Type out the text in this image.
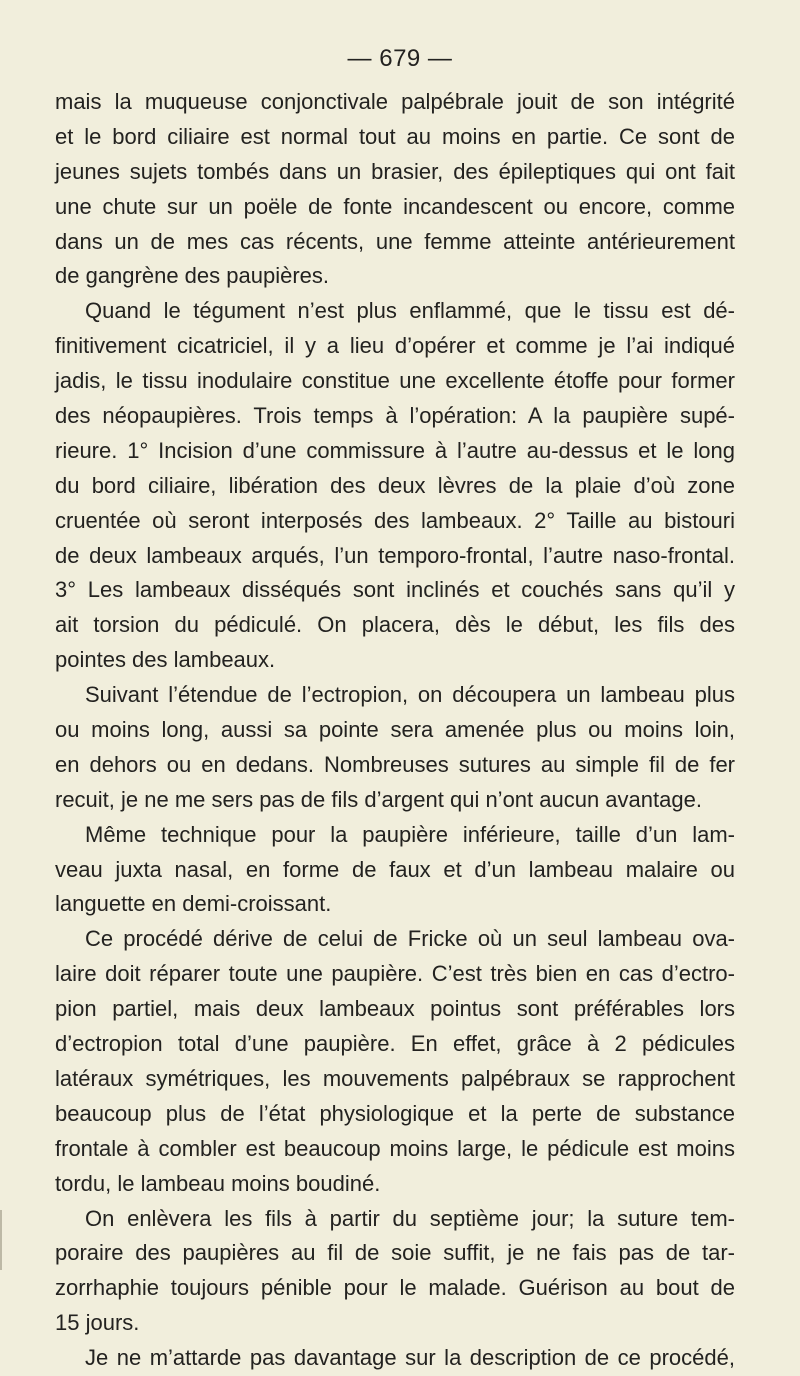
— 679 —
mais la muqueuse conjonctivale palpébrale jouit de son intégrité
et le bord ciliaire est normal tout au moins en partie. Ce sont de
jeunes sujets tombés dans un brasier, des épileptiques qui ont fait
une chute sur un poële de fonte incandescent ou encore, comme
dans un de mes cas récents, une femme atteinte antérieurement
de gangrène des paupières.
Quand le tégument n’est plus enflammé, que le tissu est dé-
finitivement cicatriciel, il y a lieu d’opérer et comme je l’ai indiqué
jadis, le tissu inodulaire constitue une excellente étoffe pour former
des néopaupières. Trois temps à l’opération: A la paupière supé-
rieure. 1° Incision d’une commissure à l’autre au-dessus et le long
du bord ciliaire, libération des deux lèvres de la plaie d’où zone
cruentée où seront interposés des lambeaux. 2° Taille au bistouri
de deux lambeaux arqués, l’un temporo-frontal, l’autre naso-frontal.
3° Les lambeaux disséqués sont inclinés et couchés sans qu’il y
ait torsion du pédiculé. On placera, dès le début, les fils des
pointes des lambeaux.
Suivant l’étendue de l’ectropion, on découpera un lambeau plus
ou moins long, aussi sa pointe sera amenée plus ou moins loin,
en dehors ou en dedans. Nombreuses sutures au simple fil de fer
recuit, je ne me sers pas de fils d’argent qui n’ont aucun avantage.
Même technique pour la paupière inférieure, taille d’un lam-
veau juxta nasal, en forme de faux et d’un lambeau malaire ou
languette en demi-croissant.
Ce procédé dérive de celui de Fricke où un seul lambeau ova-
laire doit réparer toute une paupière. C’est très bien en cas d’ectro-
pion partiel, mais deux lambeaux pointus sont préférables lors
d’ectropion total d’une paupière. En effet, grâce à 2 pédicules
latéraux symétriques, les mouvements palpébraux se rapprochent
beaucoup plus de l’état physiologique et la perte de substance
frontale à combler est beaucoup moins large, le pédicule est moins
tordu, le lambeau moins boudiné.
On enlèvera les fils à partir du septième jour; la suture tem-
poraire des paupières au fil de soie suffit, je ne fais pas de tar-
zorrhaphie toujours pénible pour le malade. Guérison au bout de
15 jours.
Je ne m’attarde pas davantage sur la description de ce procédé,
